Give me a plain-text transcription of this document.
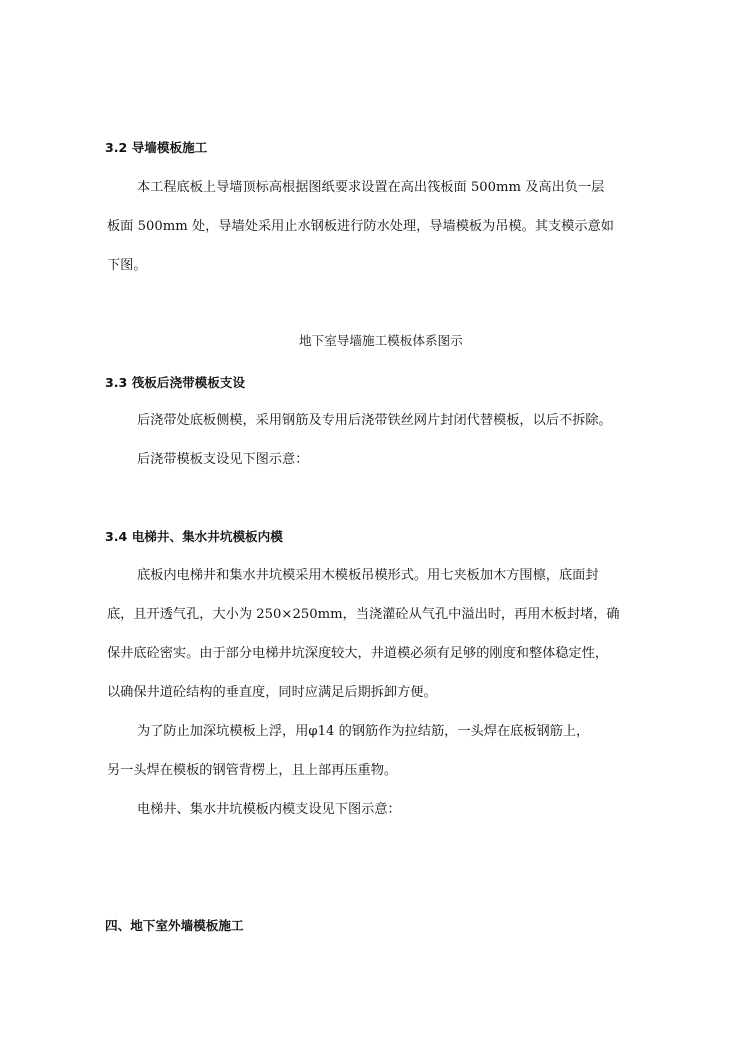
3.2 导墙模板施工
本工程底板上导墙顶标高根据图纸要求设置在高出筏板面 500mm 及高出负一层
板面 500mm 处，导墙处采用止水钢板进行防水处理，导墙模板为吊模。其支模示意如
下图。
地下室导墙施工模板体系图示
3.3 筏板后浇带模板支设
后浇带处底板侧模，采用钢筋及专用后浇带铁丝网片封闭代替模板，以后不拆除。
后浇带模板支设见下图示意：
3.4 电梯井、集水井坑模板内模
底板内电梯井和集水井坑模采用木模板吊模形式。用七夹板加木方围檩，底面封
底，且开透气孔，大小为 250×250mm，当浇灌砼从气孔中溢出时，再用木板封堵，确
保井底砼密实。由于部分电梯井坑深度较大，井道模必须有足够的刚度和整体稳定性，
以确保井道砼结构的垂直度，同时应满足后期拆卸方便。
为了防止加深坑模板上浮，用φ14 的钢筋作为拉结筋，一头焊在底板钢筋上，
另一头焊在模板的钢管背楞上，且上部再压重物。
电梯井、集水井坑模板内模支设见下图示意：
四、地下室外墙模板施工
